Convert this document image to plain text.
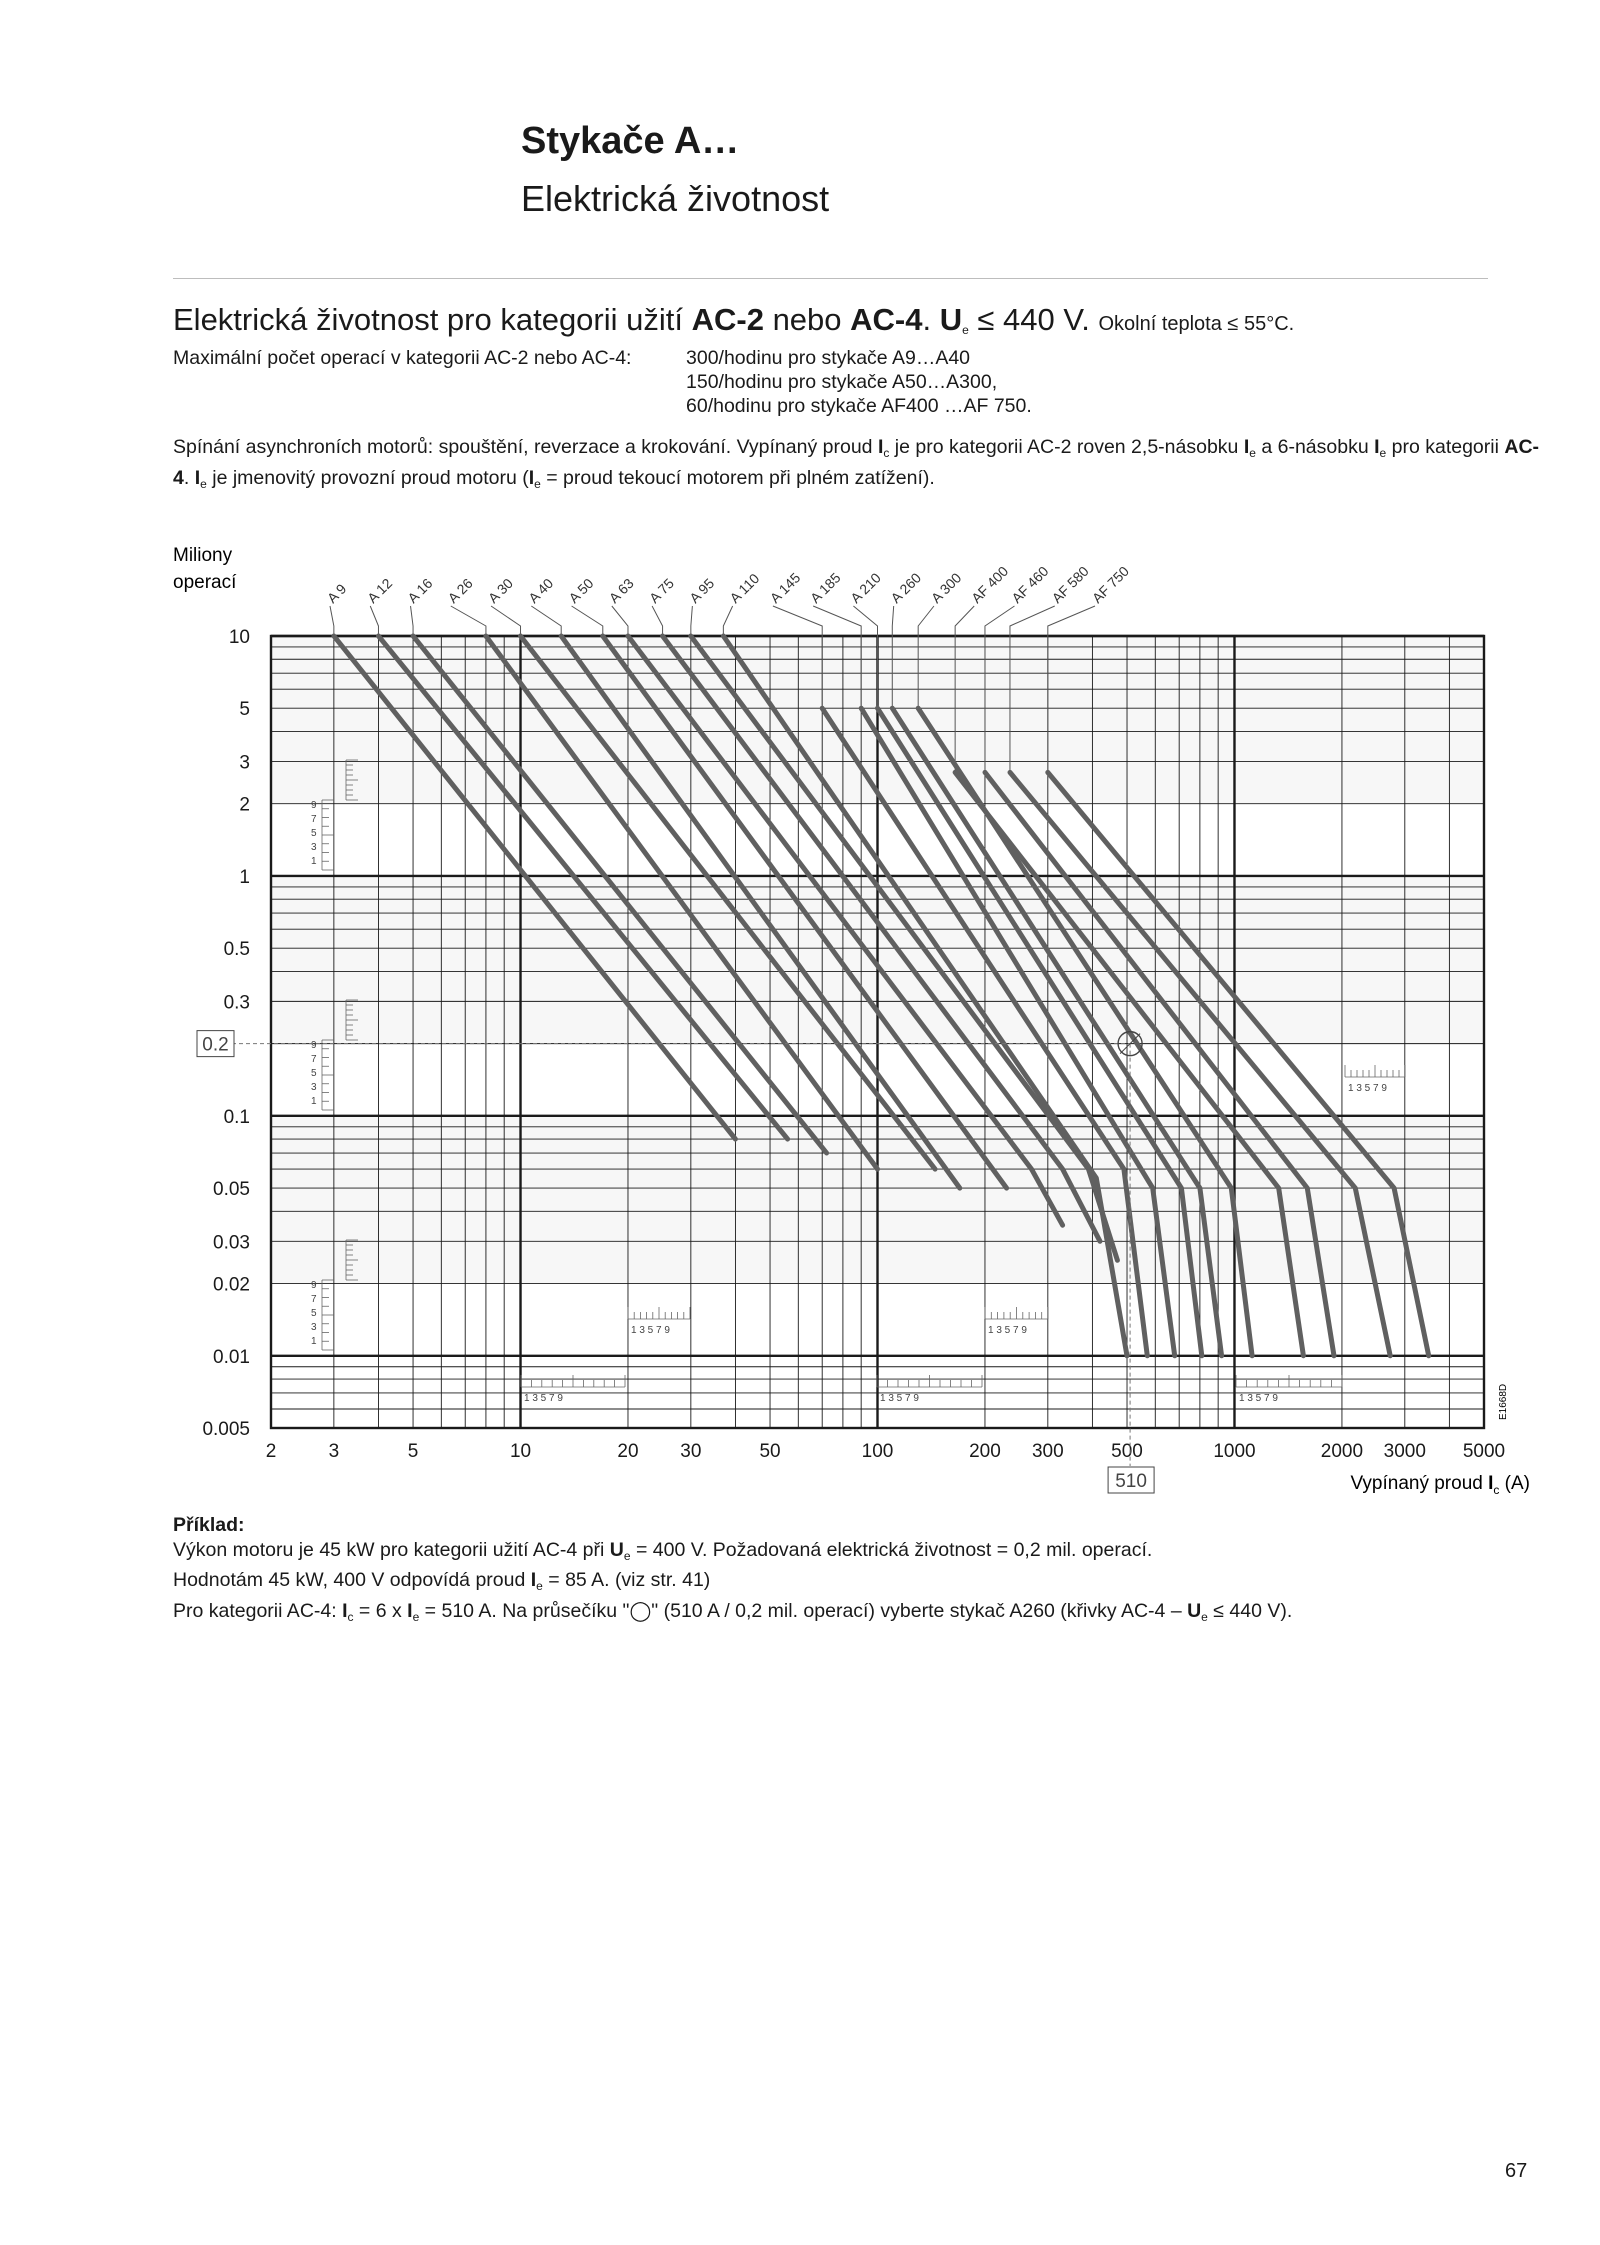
Stykače A…
Elektrická životnost
Elektrická životnost pro kategorii užití AC-2 nebo AC-4. $U_e \le 440$ V. Okolní teplota ≤ 55°C.
Maximální počet operací v kategorii AC-2 nebo AC-4:	300/hodinu pro stykače A9…A40
150/hodinu pro stykače A50…A300,
60/hodinu pro stykače AF400 …AF 750.
Spínání asynchroních motorů: spouštění, reverzace a krokování. Vypínaný proud $I_c$ je pro kategorii AC-2 roven 2,5-násobku $I_e$ a 6-násobku $I_e$ pro kategorii AC-4. $I_e$ je jmenovitý provozní proud motoru ($I_e$ = proud tekoucí motorem při plném zatížení).
1 3 5 7 9	1 3 5 7 9
1 3 5 7 9
1 3 5 7 9	1 3 5 7 9	1 3 5 7 9
9
7
5
3
1
9
7
5
3
1
9
7
5
3
1
A 9 A 12 A 16 A 26 A 30 A 40 A 50 A 63 A 75 A 95 A 110 A 145 A 185 A 210 A 260 A 300 AF 400
AF 460
AF 580
AF 750
2	3	5	10	20 30	50	100	200 300 500	1000	2000 3000 5000
10
5
3
2
1
0.5
0.3
0.1
0.05
0.03
0.02
0.01
0.005
0.2
510
Miliony
operací
Vypínaný proud $I_c$ (A)
E1668D
Příklad:
Výkon motoru je 45 kW pro kategorii užití AC-4 při $U_e = 400$ V. Požadovaná elektrická životnost = 0,2 mil. operací.
Hodnotám 45 kW, 400 V odpovídá proud $I_e = 85$ A. (viz str. 41)
Pro kategorii AC-4: $I_c = 6$ x $I_e = 510$ A. Na průsečíku "◯" (510 A / 0,2 mil. operací) vyberte stykač A260 (křivky $AC-4 - U_e \le 440$ V).
67
